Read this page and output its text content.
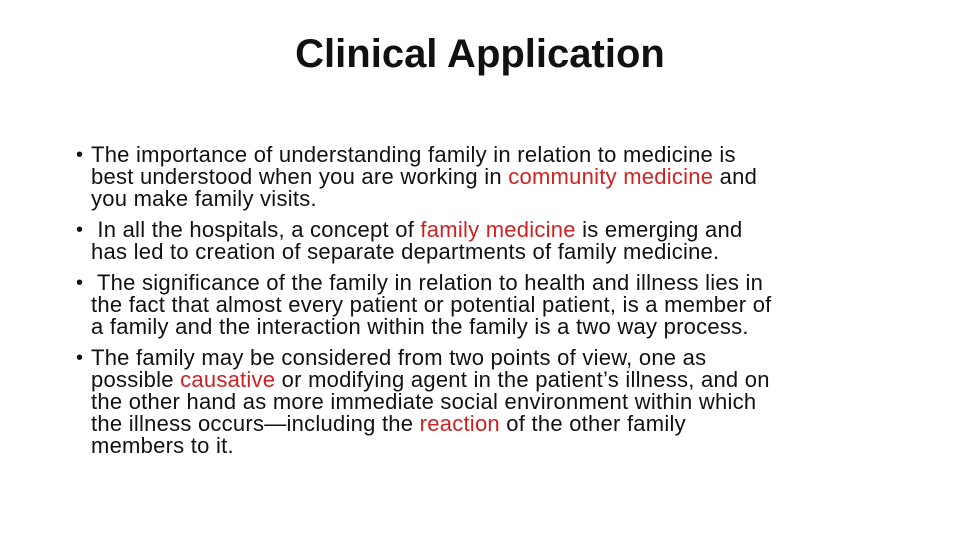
Clinical Application
• The importance of understanding family in relation to medicine is
best understood when you are working in community medicine and
you make family visits.
• In all the hospitals, a concept of family medicine is emerging and
has led to creation of separate departments of family medicine.
• The significance of the family in relation to health and illness lies in
the fact that almost every patient or potential patient, is a member of
a family and the interaction within the family is a two way process.
• The family may be considered from two points of view, one as
possible causative or modifying agent in the patient’s illness, and on
the other hand as more immediate social environment within which
the illness occurs—including the reaction of the other family
members to it.
